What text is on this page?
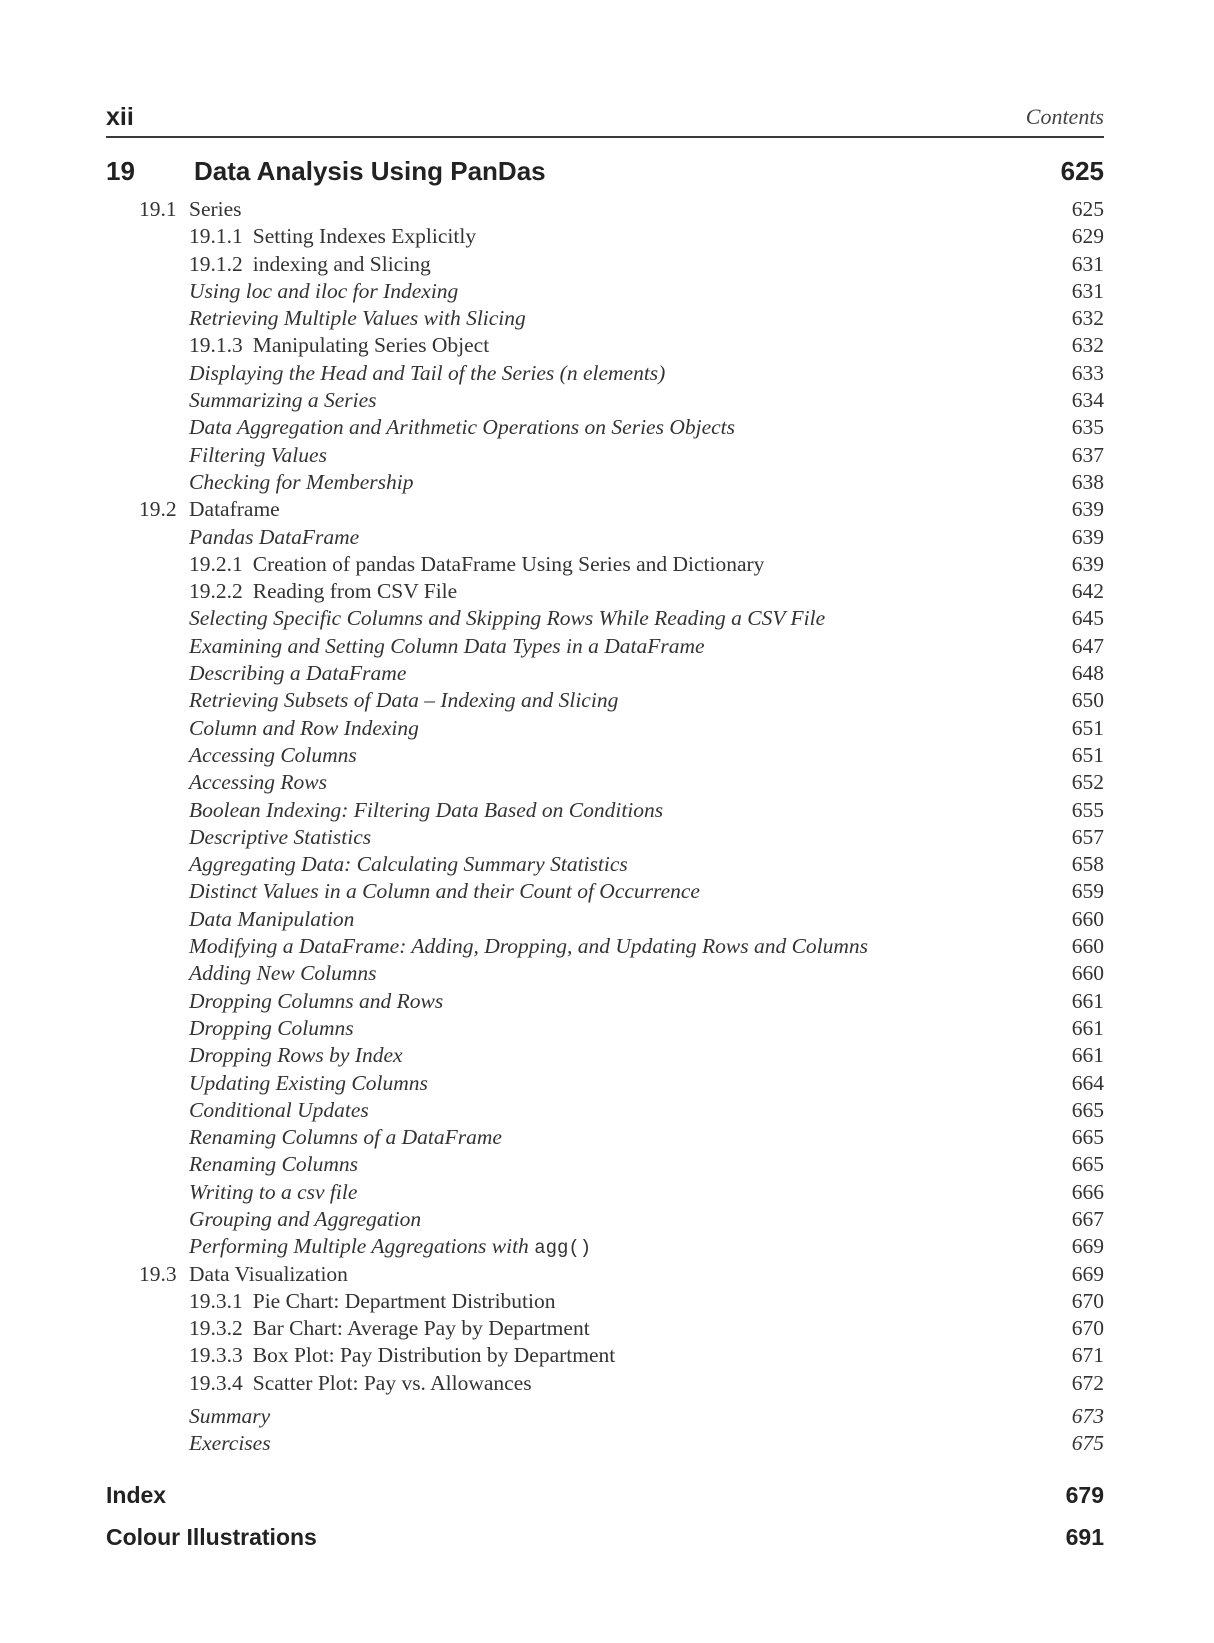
xii	Contents
19 Data Analysis Using PanDas	625
19.1 Series	625
19.1.1 Setting Indexes Explicitly	629
19.1.2 indexing and Slicing	631
Using loc and iloc for Indexing	631
Retrieving Multiple Values with Slicing	632
19.1.3 Manipulating Series Object	632
Displaying the Head and Tail of the Series (n elements)	633
Summarizing a Series	634
Data Aggregation and Arithmetic Operations on Series Objects	635
Filtering Values	637
Checking for Membership	638
19.2 Dataframe	639
Pandas DataFrame	639
19.2.1 Creation of pandas DataFrame Using Series and Dictionary	639
19.2.2 Reading from CSV File	642
Selecting Specific Columns and Skipping Rows While Reading a CSV File	645
Examining and Setting Column Data Types in a DataFrame	647
Describing a DataFrame	648
Retrieving Subsets of Data – Indexing and Slicing	650
Column and Row Indexing	651
Accessing Columns	651
Accessing Rows	652
Boolean Indexing: Filtering Data Based on Conditions	655
Descriptive Statistics	657
Aggregating Data: Calculating Summary Statistics	658
Distinct Values in a Column and their Count of Occurrence	659
Data Manipulation	660
Modifying a DataFrame: Adding, Dropping, and Updating Rows and Columns	660
Adding New Columns	660
Dropping Columns and Rows	661
Dropping Columns	661
Dropping Rows by Index	661
Updating Existing Columns	664
Conditional Updates	665
Renaming Columns of a DataFrame	665
Renaming Columns	665
Writing to a csv file	666
Grouping and Aggregation	667
Performing Multiple Aggregations with agg()	669
19.3 Data Visualization	669
19.3.1 Pie Chart: Department Distribution	670
19.3.2 Bar Chart: Average Pay by Department	670
19.3.3 Box Plot: Pay Distribution by Department	671
19.3.4 Scatter Plot: Pay vs. Allowances	672
Summary	673
Exercises	675
Index	679
Colour Illustrations	691
